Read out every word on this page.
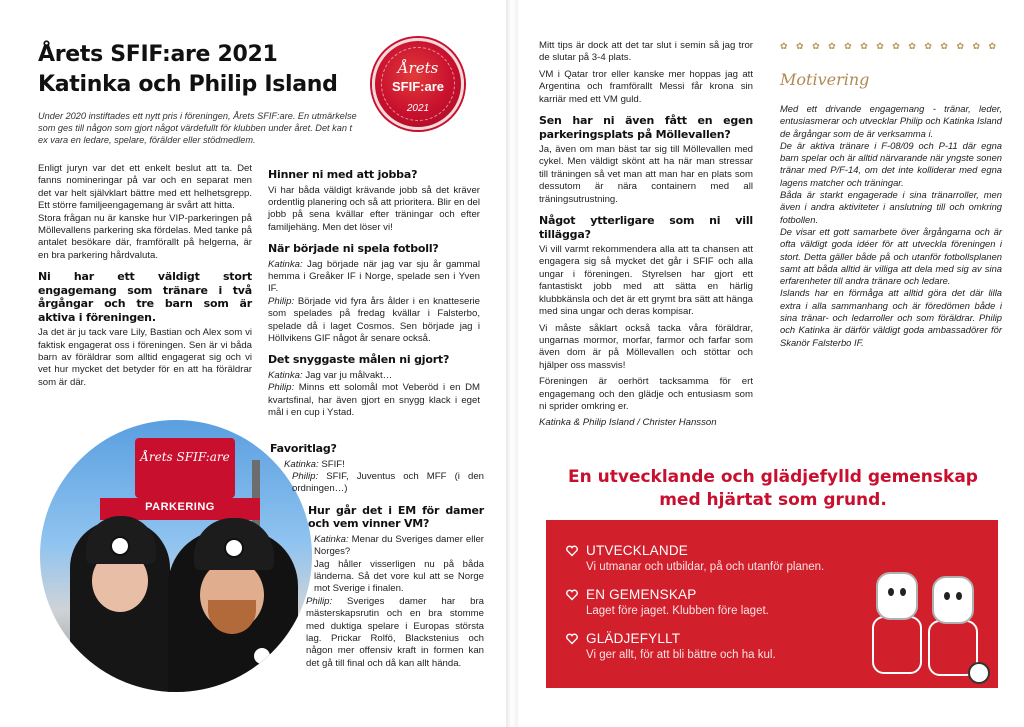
Årets SFIF:are 2021
Katinka och Philip Island
Under 2020 instiftades ett nytt pris i föreningen, Årets SFIF:are. En utmärkelse som ges till någon som gjort något värdefullt för klubben under året. Det kan t ex vara en ledare, spelare, förälder eller stödmedlem.
Årets
SFIF:are
2021

Enligt juryn var det ett enkelt beslut att ta. Det fanns nomineringar på var och en separat men det var helt självklart bättre med ett helhetsgrepp. Ett större familjeengagemang är svårt att hitta.

Stora frågan nu är kanske hur VIP-parkeringen på Möllevallens parkering ska fördelas. Med tanke på antalet besökare där, framförallt på helgerna, är en bra parkering hårdvaluta.

Ni har ett väldigt stort engagemang som tränare i två årgångar och tre barn som är aktiva i föreningen.

Ja det är ju tack vare Lily, Bastian och Alex som vi faktisk engagerat oss i föreningen. Sen är vi båda barn av föräldrar som alltid engagerat sig och vi vet hur mycket det betyder för en att ha föräldrar som är där.

Hinner ni med att jobba?

Vi har båda väldigt krävande jobb så det kräver ordentlig planering och så att prioritera. Blir en del jobb på sena kvällar efter träningar och efter familjehäng. Men det löser vi!

När började ni spela fotboll?

Katinka: Jag började när jag var sju år gammal hemma i Greåker IF i Norge, spelade sen i Yven IF.

Philip: Började vid fyra års ålder i en knatteserie som spelades på fredag kvällar i Falsterbo, spelade då i laget Cosmos. Sen började jag i Höllvikens GIF något år senare också.

Det snyggaste målen ni gjort?

Katinka: Jag var ju målvakt…

Philip: Minns ett solomål mot Veberöd i en DM kvartsfinal, har även gjort en snygg klack i eget mål i en cup i Ystad.

Årets SFIF:are
PARKERING
Favoritlag?

Katinka: SFIF!

Philip: SFIF, Juventus och MFF (i den ordningen…)

Hur går det i EM för damer och vem vinner VM?

Katinka: Menar du Sveriges damer eller Norges?

Jag håller visserligen nu på båda länderna. Så det vore kul att se Norge mot Sverige i finalen.

Philip: Sveriges damer har bra mästerskapsrutin och en bra stomme med duktiga spelare i Europas största lag. Prickar Rolfö, Blackstenius och någon mer offensiv kraft in formen kan det gå till final och då kan allt hända.

Mitt tips är dock att det tar slut i semin så jag tror de slutar på 3-4 plats.

VM i Qatar tror eller kanske mer hoppas jag att Argentina och framförallt Messi får krona sin karriär med ett VM guld.

Sen har ni även fått en egen parkeringsplats på Möllevallen?

Ja, även om man bäst tar sig till Möllevallen med cykel. Men väldigt skönt att ha när man stressar till träningen så vet man att man har en plats som dessutom är nära containern med all träningsutrustning.

Något ytterligare som ni vill tillägga?

Vi vill varmt rekommendera alla att ta chansen att engagera sig så mycket det går i SFIF och alla ungar i föreningen. Styrelsen har gjort ett fantastiskt jobb med att sätta en härlig klubbkänsla och det är ett grymt bra sätt att hänga med sina ungar och deras kompisar.

Vi måste såklart också tacka våra föräldrar, ungarnas mormor, morfar, farmor och farfar som även dom är på Möllevallen och stöttar och hjälper oss massvis!

Föreningen är oerhört tacksamma för ert engagemang och den glädje och entusiasm som ni sprider omkring er.

Katinka & Philip Island / Christer Hansson

✿ ✿ ✿ ✿ ✿ ✿ ✿ ✿ ✿ ✿ ✿ ✿ ✿ ✿
Motivering

Med ett drivande engagemang - tränar, leder, entusiasmerar och utvecklar Philip och Katinka Island de årgångar som de är verksamma i.

De är aktiva tränare i F-08/09 och P-11 där egna barn spelar och är alltid närvarande när yngste sonen tränar med P/F-14, om det inte kolliderar med egna lagens matcher och träningar.

Båda är starkt engagerade i sina tränarroller, men även i andra aktiviteter i anslutning till och omkring fotbollen.

De visar ett gott samarbete över årgångarna och är ofta väldigt goda idéer för att utveckla föreningen i stort. Detta gäller både på och utanför fotbollsplanen samt att båda alltid är villiga att dela med sig av sina erfarenheter till andra tränare och ledare.

Islands har en förmåga att alltid göra det där lilla extra i alla sammanhang och är föredömen både i sina tränar- och ledarroller och som föräldrar. Philip och Katinka är därför väldigt goda ambassadörer för Skanör Falsterbo IF.

En utvecklande och glädjefylld gemenskap
med hjärtat som grund.
UTVECKLANDE
Vi utmanar och utbildar, på och utanför planen.
EN GEMENSKAP
Laget före jaget. Klubben före laget.
GLÄDJEFYLLT
Vi ger allt, för att bli bättre och ha kul.
